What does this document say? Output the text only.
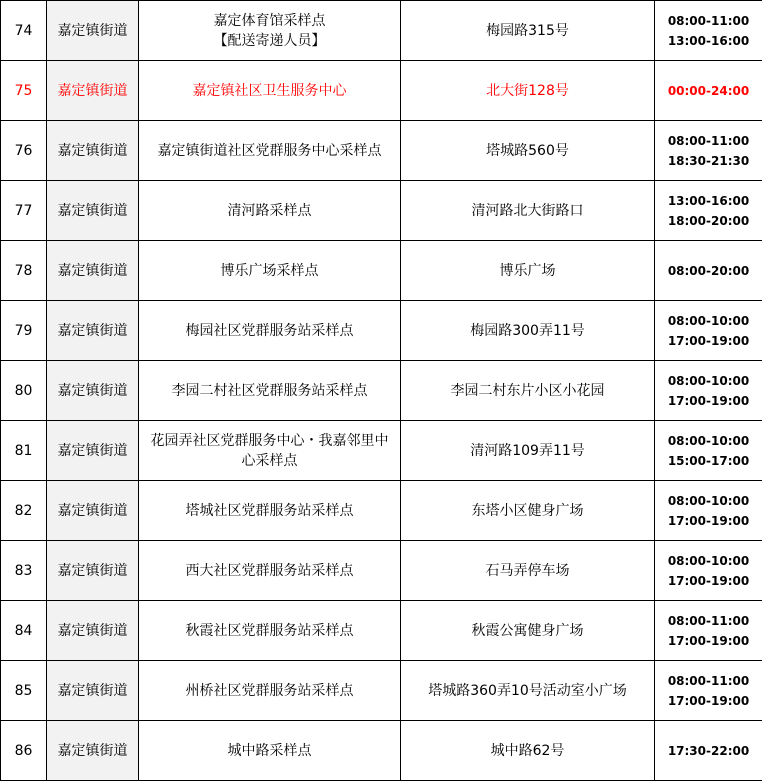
74	嘉定镇街道	嘉定体育馆采样点
【配送寄递人员】	梅园路315号	08:00-11:00
13:00-16:00

75	嘉定镇街道	嘉定镇社区卫生服务中心	北大街128号	00:00-24:00

76	嘉定镇街道	嘉定镇街道社区党群服务中心采样点	塔城路560号	08:00-11:00
18:30-21:30

77	嘉定镇街道	清河路采样点	清河路北大街路口	13:00-16:00
18:00-20:00

78	嘉定镇街道	博乐广场采样点	博乐广场	08:00-20:00

79	嘉定镇街道	梅园社区党群服务站采样点	梅园路300弄11号	08:00-10:00
17:00-19:00

80	嘉定镇街道	李园二村社区党群服务站采样点	李园二村东片小区小花园	08:00-10:00
17:00-19:00

81	嘉定镇街道	花园弄社区党群服务中心・我嘉邻里中
心采样点	清河路109弄11号	08:00-10:00
15:00-17:00

82	嘉定镇街道	塔城社区党群服务站采样点	东塔小区健身广场	08:00-10:00
17:00-19:00

83	嘉定镇街道	西大社区党群服务站采样点	石马弄停车场	08:00-10:00
17:00-19:00

84	嘉定镇街道	秋霞社区党群服务站采样点	秋霞公寓健身广场	08:00-11:00
17:00-19:00

85	嘉定镇街道	州桥社区党群服务站采样点	塔城路360弄10号活动室小广场	08:00-11:00
17:00-19:00

86	嘉定镇街道	城中路采样点	城中路62号	17:30-22:00
